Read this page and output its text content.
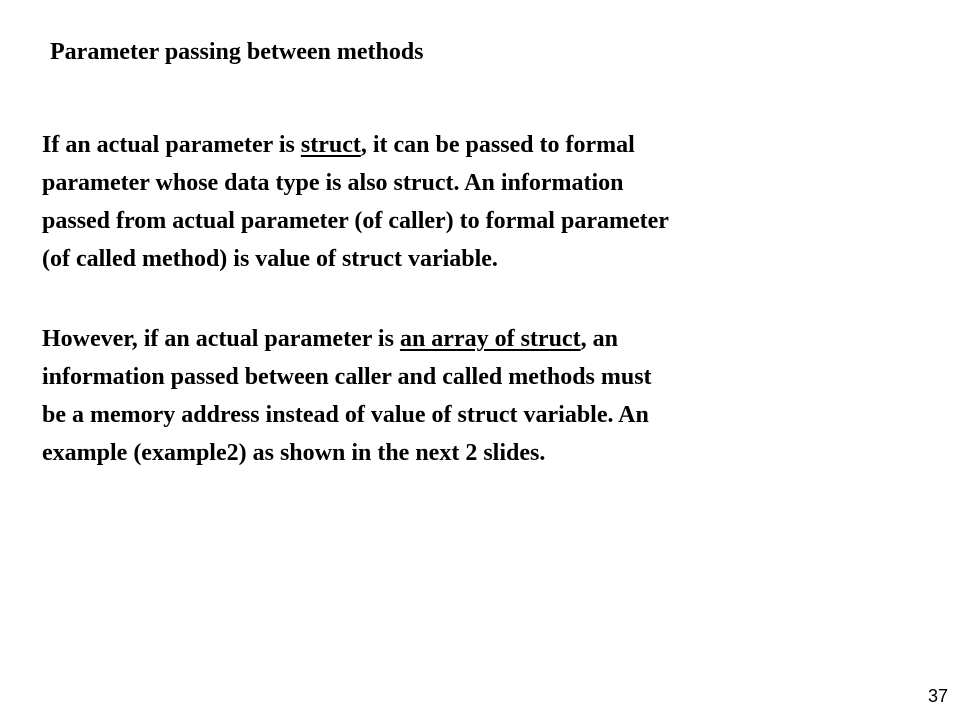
Parameter passing between methods
If an actual parameter is struct, it can be passed to formal
parameter whose data type is also struct. An information
passed from actual parameter (of caller) to formal parameter
(of called method) is value of struct variable.
However, if an actual parameter is an array of struct, an
information passed between caller and called methods must
be a memory address instead of value of struct variable. An
example (example2) as shown in the next 2 slides.
37
